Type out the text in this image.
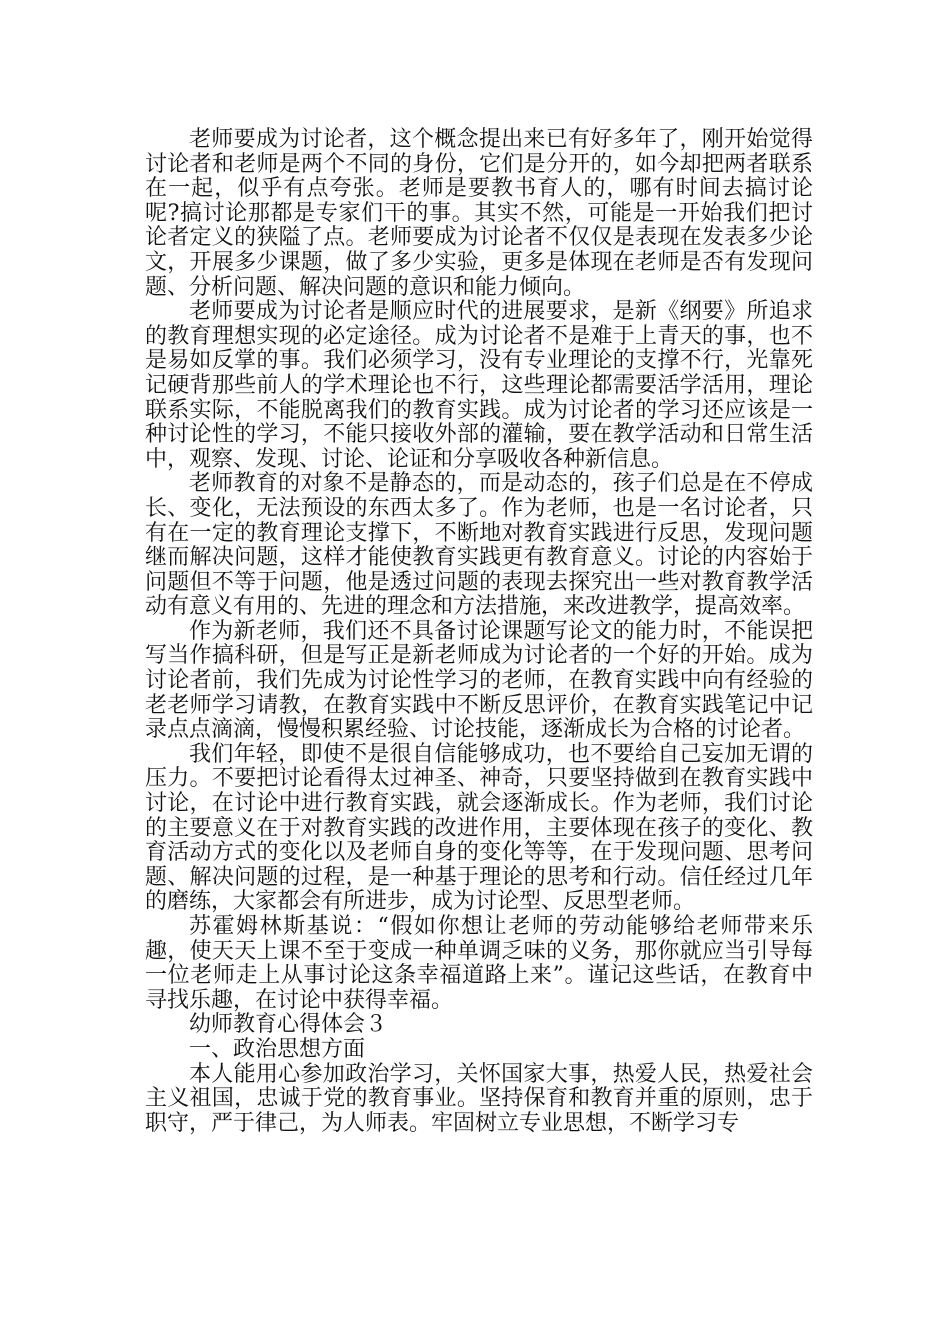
老师要成为讨论者，这个概念提出来已有好多年了，刚开始觉得讨论者和老师是两个不同的身份，它们是分开的，如今却把两者联系在一起，似乎有点夸张。老师是要教书育人的，哪有时间去搞讨论呢?搞讨论那都是专家们干的事。其实不然，可能是一开始我们把讨论者定义的狭隘了点。老师要成为讨论者不仅仅是表现在发表多少论文，开展多少课题，做了多少实验，更多是体现在老师是否有发现问题、分析问题、解决问题的意识和能力倾向。

老师要成为讨论者是顺应时代的进展要求，是新《纲要》所追求的教育理想实现的必定途径。成为讨论者不是难于上青天的事，也不是易如反掌的事。我们必须学习，没有专业理论的支撑不行，光靠死记硬背那些前人的学术理论也不行，这些理论都需要活学活用，理论联系实际，不能脱离我们的教育实践。成为讨论者的学习还应该是一种讨论性的学习，不能只接收外部的灌输，要在教学活动和日常生活中，观察、发现、讨论、论证和分享吸收各种新信息。

老师教育的对象不是静态的，而是动态的，孩子们总是在不停成长、变化，无法预设的东西太多了。作为老师，也是一名讨论者，只有在一定的教育理论支撑下，不断地对教育实践进行反思，发现问题继而解决问题，这样才能使教育实践更有教育意义。讨论的内容始于问题但不等于问题，他是透过问题的表现去探究出一些对教育教学活动有意义有用的、先进的理念和方法措施，来改进教学，提高效率。

作为新老师，我们还不具备讨论课题写论文的能力时，不能误把写当作搞科研，但是写正是新老师成为讨论者的一个好的开始。成为讨论者前，我们先成为讨论性学习的老师，在教育实践中向有经验的老老师学习请教，在教育实践中不断反思评价，在教育实践笔记中记录点点滴滴，慢慢积累经验、讨论技能，逐渐成长为合格的讨论者。

我们年轻，即使不是很自信能够成功，也不要给自己妄加无谓的压力。不要把讨论看得太过神圣、神奇，只要坚持做到在教育实践中讨论，在讨论中进行教育实践，就会逐渐成长。作为老师，我们讨论的主要意义在于对教育实践的改进作用，主要体现在孩子的变化、教育活动方式的变化以及老师自身的变化等等，在于发现问题、思考问题、解决问题的过程，是一种基于理论的思考和行动。信任经过几年的磨练，大家都会有所进步，成为讨论型、反思型老师。

苏霍姆林斯基说：“假如你想让老师的劳动能够给老师带来乐趣，使天天上课不至于变成一种单调乏味的义务，那你就应当引导每一位老师走上从事讨论这条幸福道路上来”。谨记这些话，在教育中寻找乐趣，在讨论中获得幸福。

幼师教育心得体会３

一、政治思想方面

本人能用心参加政治学习，关怀国家大事，热爱人民，热爱社会主义祖国，忠诚于党的教育事业。坚持保育和教育并重的原则，忠于职守，严于律己，为人师表。牢固树立专业思想，不断学习专
